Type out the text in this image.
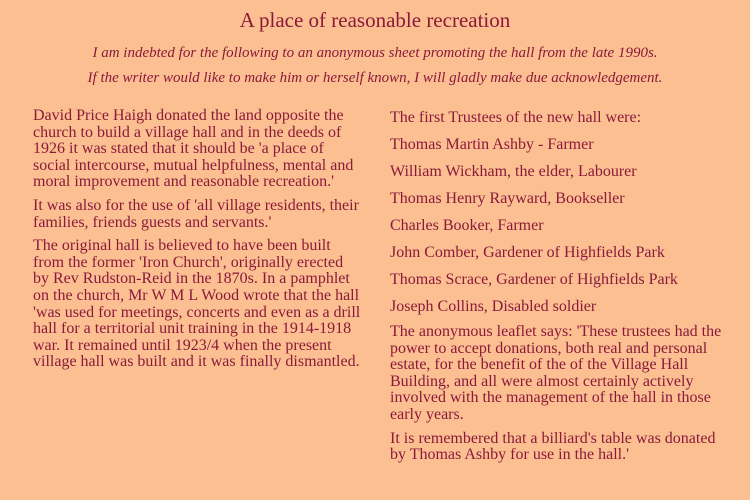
A place of reasonable recreation
I am indebted for the following to an anonymous sheet promoting the hall from the late 1990s.
If the writer would like to make him or herself known, I will gladly make due acknowledgement.

David Price Haigh donated the land opposite the church to build a village hall and in the deeds of 1926 it was stated that it should be 'a place of social intercourse, mutual helpfulness, mental and moral improvement and reasonable recreation.'

It was also for the use of 'all village residents, their families, friends guests and servants.'

The original hall is believed to have been built from the former 'Iron Church', originally erected by Rev Rudston-Reid in the 1870s. In a pamphlet on the church, Mr W M L Wood wrote that the hall 'was used for meetings, concerts and even as a drill hall for a territorial unit training in the 1914-1918 war. It remained until 1923/4 when the present village hall was built and it was finally dismantled.

The first Trustees of the new hall were:

Thomas Martin Ashby - Farmer

William Wickham, the elder, Labourer

Thomas Henry Rayward, Bookseller

Charles Booker, Farmer

John Comber, Gardener of Highfields Park

Thomas Scrace, Gardener of Highfields Park

Joseph Collins, Disabled soldier

The anonymous leaflet says: 'These trustees had the power to accept donations, both real and personal estate, for the benefit of the of the Village Hall Building, and all were almost certainly actively involved with the management of the hall in those early years.

It is remembered that a billiard's table was donated by Thomas Ashby for use in the hall.'
